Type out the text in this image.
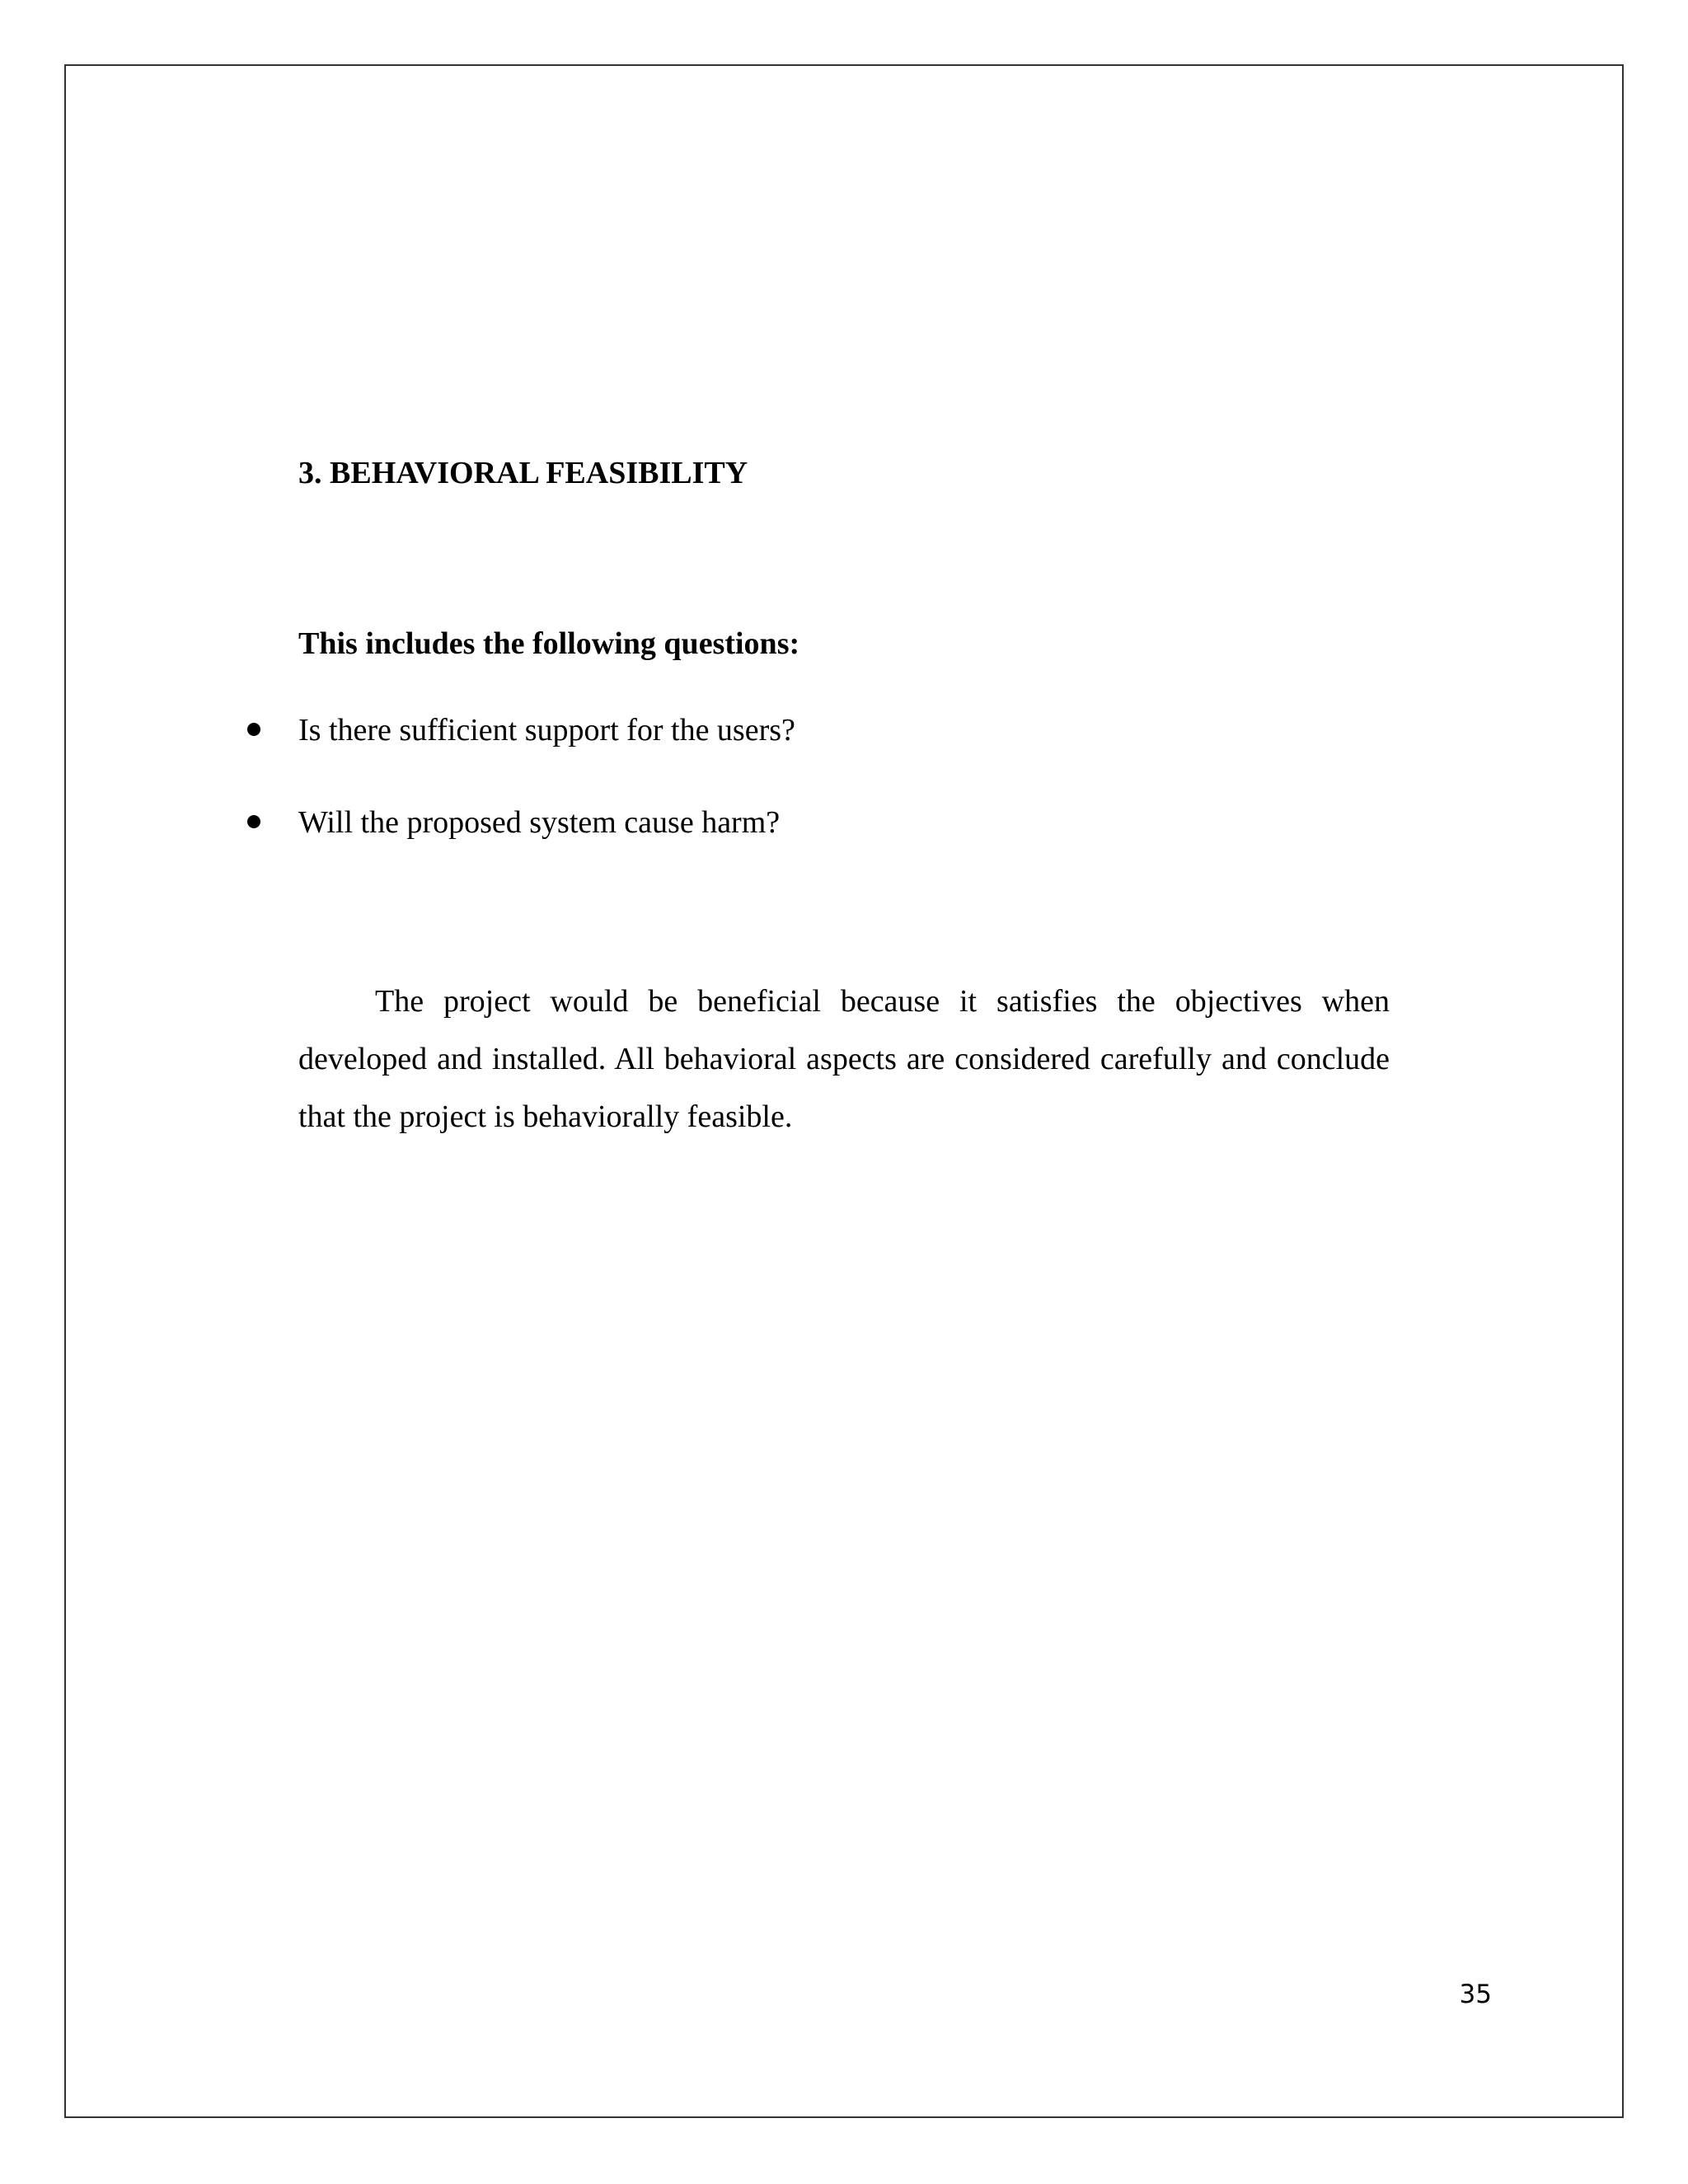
3. BEHAVIORAL FEASIBILITY

This includes the following questions:

Is there sufficient support for the users?
Will the proposed system cause harm?

The project would be beneficial because it satisfies the objectives when developed and installed. All behavioral aspects are considered carefully and conclude that the project is behaviorally feasible.

35
